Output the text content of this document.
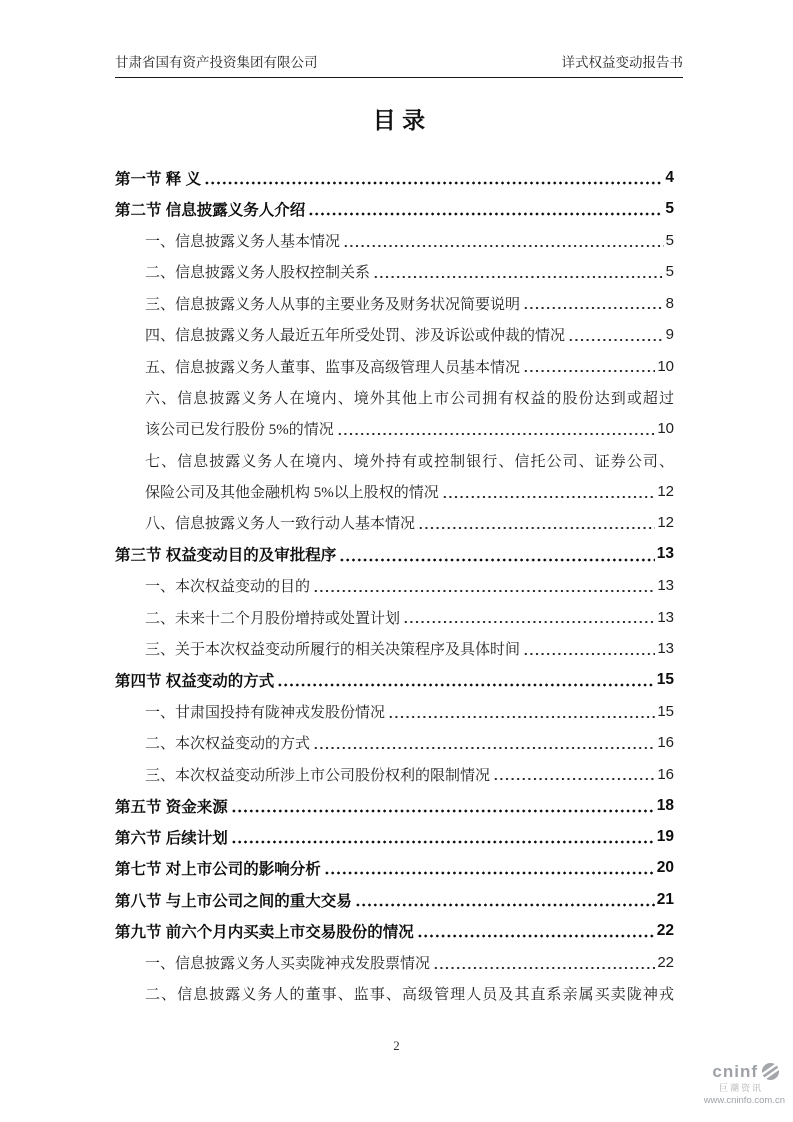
甘肃省国有资产投资集团有限公司	详式权益变动报告书
目 录
第一节 释 义	4
第二节 信息披露义务人介绍	5
一、信息披露义务人基本情况	5
二、信息披露义务人股权控制关系	5
三、信息披露义务人从事的主要业务及财务状况简要说明	8
四、信息披露义务人最近五年所受处罚、涉及诉讼或仲裁的情况	9
五、信息披露义务人董事、监事及高级管理人员基本情况	10
六、信息披露义务人在境内、境外其他上市公司拥有权益的股份达到或超过
该公司已发行股份 5%的情况	10
七、信息披露义务人在境内、境外持有或控制银行、信托公司、证券公司、
保险公司及其他金融机构 5%以上股权的情况	12
八、信息披露义务人一致行动人基本情况	12
第三节 权益变动目的及审批程序	13
一、本次权益变动的目的	13
二、未来十二个月股份增持或处置计划	13
三、关于本次权益变动所履行的相关决策程序及具体时间	13
第四节 权益变动的方式	15
一、甘肃国投持有陇神戎发股份情况	15
二、本次权益变动的方式	16
三、本次权益变动所涉上市公司股份权利的限制情况	16
第五节 资金来源	18
第六节 后续计划	19
第七节 对上市公司的影响分析	20
第八节 与上市公司之间的重大交易	21
第九节 前六个月内买卖上市交易股份的情况	22
一、信息披露义务人买卖陇神戎发股票情况	22
二、信息披露义务人的董事、监事、高级管理人员及其直系亲属买卖陇神戎
2
cninf
巨潮资讯
www.cninfo.com.cn
